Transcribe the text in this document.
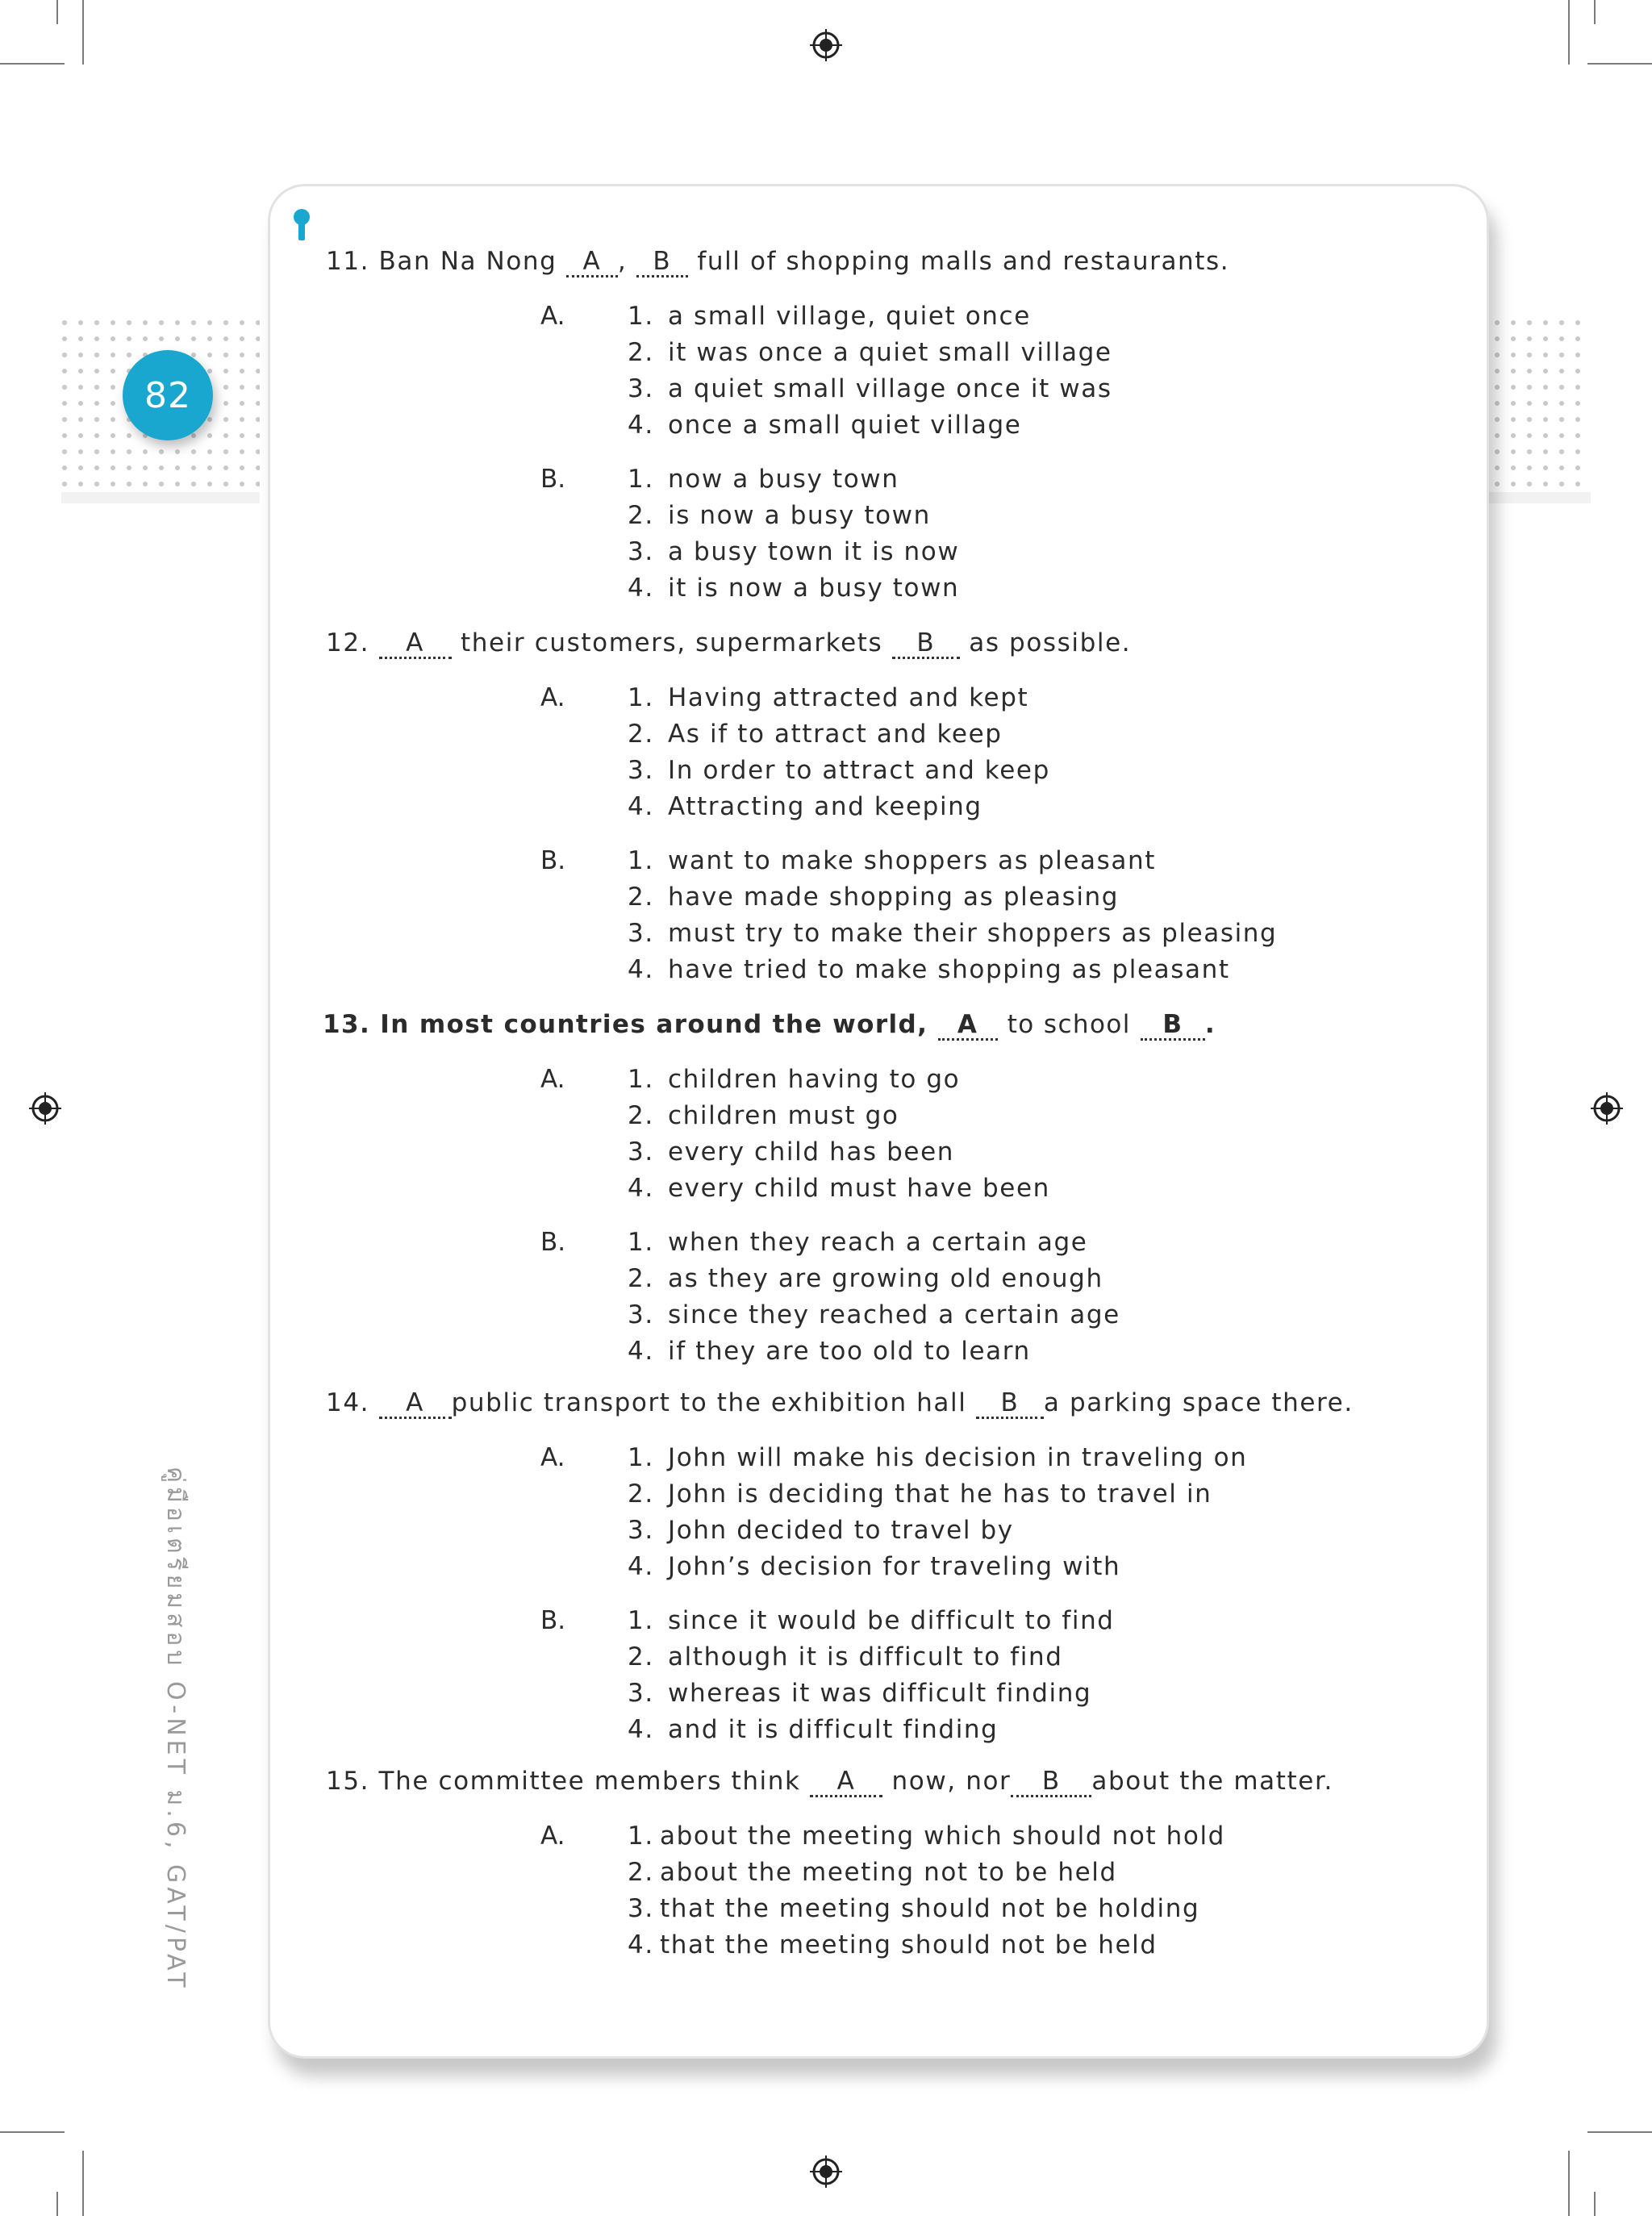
82
คู่มือเตรียมสอบ O-NET ม.6, GAT/PAT
11. Ban Na Nong A , B full of shopping malls and restaurants.
A. 1. a small village, quiet once
2. it was once a quiet small village
3. a quiet small village once it was
4. once a small quiet village
B. 1. now a busy town
2. is now a busy town
3. a busy town it is now
4. it is now a busy town
12. A their customers, supermarkets B as possible.
A. 1. Having attracted and kept
2. As if to attract and keep
3. In order to attract and keep
4. Attracting and keeping
B. 1. want to make shoppers as pleasant
2. have made shopping as pleasing
3. must try to make their shoppers as pleasing
4. have tried to make shopping as pleasant
13. In most countries around the world, A to school B .
A. 1. children having to go
2. children must go
3. every child has been
4. every child must have been
B. 1. when they reach a certain age
2. as they are growing old enough
3. since they reached a certain age
4. if they are too old to learn
14. A public transport to the exhibition hall B a parking space there.
A. 1. John will make his decision in traveling on
2. John is deciding that he has to travel in
3. John decided to travel by
4. John’s decision for traveling with
B. 1. since it would be difficult to find
2. although it is difficult to find
3. whereas it was difficult finding
4. and it is difficult finding
15. The committee members think A now, nor B about the matter.
A. 1. about the meeting which should not hold
2. about the meeting not to be held
3. that the meeting should not be holding
4. that the meeting should not be held
